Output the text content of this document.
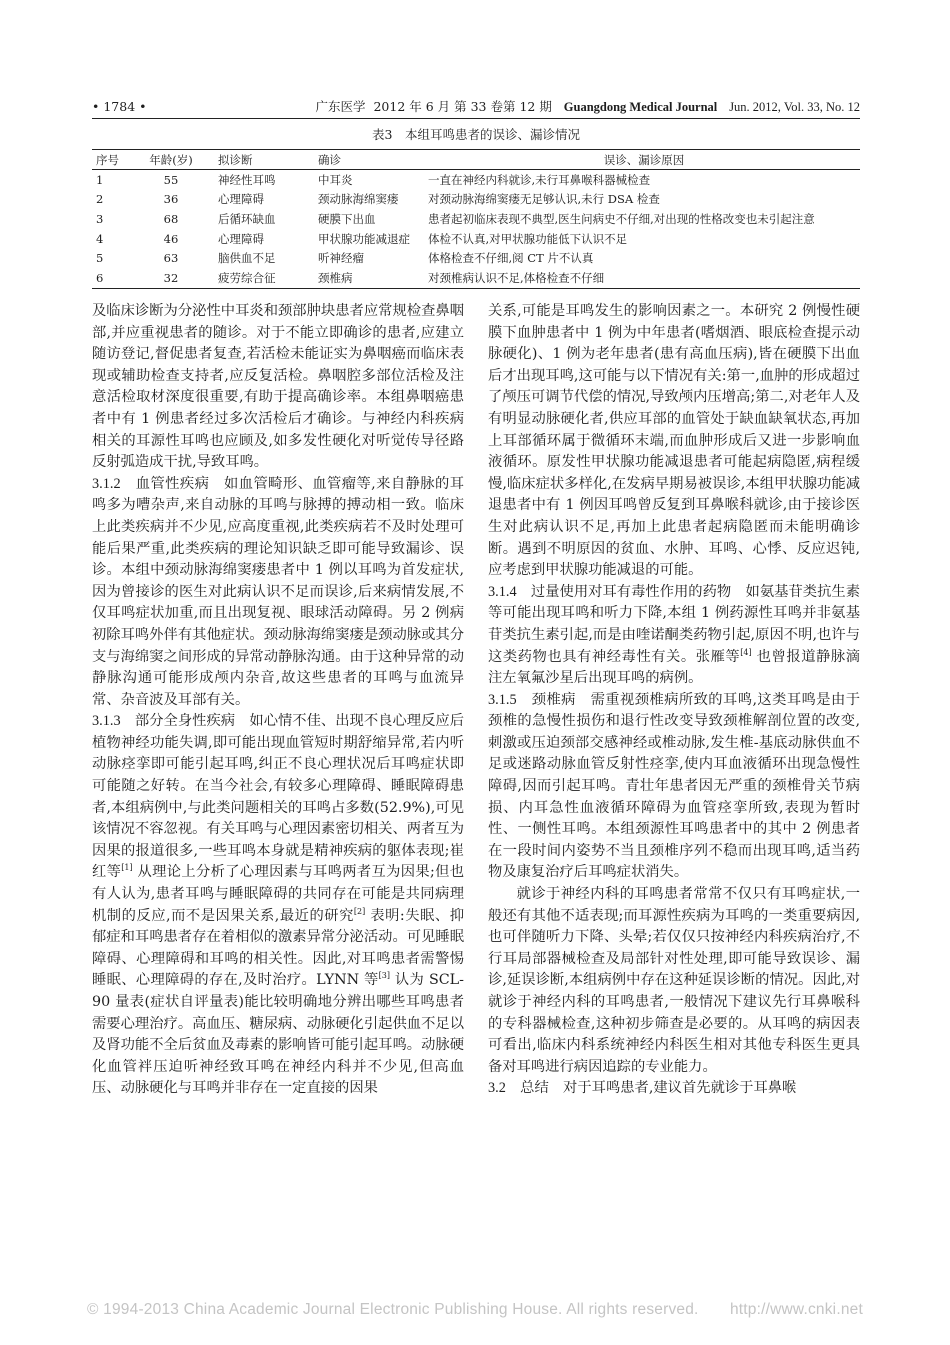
• 1784 •	广东医学 2012 年 6 月 第 33 卷第 12 期 Guangdong Medical Journal Jun. 2012, Vol. 33, No. 12
表3　本组耳鸣患者的误诊、漏诊情况
序号	年龄(岁)	拟诊断	确诊	误诊、漏诊原因
1	55	神经性耳鸣	中耳炎	一直在神经内科就诊,未行耳鼻喉科器械检查
2	36	心理障碍	颈动脉海绵窦瘘	对颈动脉海绵窦瘘无足够认识,未行 DSA 检查
3	68	后循环缺血	硬膜下出血	患者起初临床表现不典型,医生问病史不仔细,对出现的性格改变也未引起注意
4	46	心理障碍	甲状腺功能减退症	体检不认真,对甲状腺功能低下认识不足
5	63	脑供血不足	听神经瘤	体格检查不仔细,阅 CT 片不认真
6	32	疲劳综合征	颈椎病	对颈椎病认识不足,体格检查不仔细

及临床诊断为分泌性中耳炎和颈部肿块患者应常规检查鼻咽部,并应重视患者的随诊。对于不能立即确诊的患者,应建立随访登记,督促患者复查,若活检未能证实为鼻咽癌而临床表现或辅助检查支持者,应反复活检。鼻咽腔多部位活检及注意活检取材深度很重要,有助于提高确诊率。本组鼻咽癌患者中有 1 例患者经过多次活检后才确诊。与神经内科疾病相关的耳源性耳鸣也应顾及,如多发性硬化对听觉传导径路反射弧造成干扰,导致耳鸣。

3.1.2　血管性疾病　如血管畸形、血管瘤等,来自静脉的耳鸣多为嘈杂声,来自动脉的耳鸣与脉搏的搏动相一致。临床上此类疾病并不少见,应高度重视,此类疾病若不及时处理可能后果严重,此类疾病的理论知识缺乏即可能导致漏诊、误诊。本组中颈动脉海绵窦瘘患者中 1 例以耳鸣为首发症状,因为曾接诊的医生对此病认识不足而误诊,后来病情发展,不仅耳鸣症状加重,而且出现复视、眼球活动障碍。另 2 例病初除耳鸣外伴有其他症状。颈动脉海绵窦瘘是颈动脉或其分支与海绵窦之间形成的异常动静脉沟通。由于这种异常的动静脉沟通可能形成颅内杂音,故这些患者的耳鸣与血流异常、杂音波及耳部有关。

3.1.3　部分全身性疾病　如心情不佳、出现不良心理反应后植物神经功能失调,即可能出现血管短时期舒缩异常,若内听动脉痉挛即可能引起耳鸣,纠正不良心理状况后耳鸣症状即可能随之好转。在当今社会,有较多心理障碍、睡眠障碍患者,本组病例中,与此类问题相关的耳鸣占多数(52.9%),可见该情况不容忽视。有关耳鸣与心理因素密切相关、两者互为因果的报道很多,一些耳鸣本身就是精神疾病的躯体表现;崔红等[1] 从理论上分析了心理因素与耳鸣两者互为因果;但也有人认为,患者耳鸣与睡眠障碍的共同存在可能是共同病理机制的反应,而不是因果关系,最近的研究[2] 表明:失眠、抑郁症和耳鸣患者存在着相似的激素异常分泌活动。可见睡眠障碍、心理障碍和耳鸣的相关性。因此,对耳鸣患者需警惕睡眠、心理障碍的存在,及时治疗。LYNN 等[3] 认为 SCL-90 量表(症状自评量表)能比较明确地分辨出哪些耳鸣患者需要心理治疗。高血压、糖尿病、动脉硬化引起供血不足以及肾功能不全后贫血及毒素的影响皆可能引起耳鸣。动脉硬化血管袢压迫听神经致耳鸣在神经内科并不少见,但高血压、动脉硬化与耳鸣并非存在一定直接的因果

关系,可能是耳鸣发生的影响因素之一。本研究 2 例慢性硬膜下血肿患者中 1 例为中年患者(嗜烟酒、眼底检查提示动脉硬化)、1 例为老年患者(患有高血压病),皆在硬膜下出血后才出现耳鸣,这可能与以下情况有关:第一,血肿的形成超过了颅压可调节代偿的情况,导致颅内压增高;第二,对老年人及有明显动脉硬化者,供应耳部的血管处于缺血缺氧状态,再加上耳部循环属于微循环末端,而血肿形成后又进一步影响血液循环。原发性甲状腺功能减退患者可能起病隐匿,病程缓慢,临床症状多样化,在发病早期易被误诊,本组甲状腺功能减退患者中有 1 例因耳鸣曾反复到耳鼻喉科就诊,由于接诊医生对此病认识不足,再加上此患者起病隐匿而未能明确诊断。遇到不明原因的贫血、水肿、耳鸣、心悸、反应迟钝,应考虑到甲状腺功能减退的可能。

3.1.4　过量使用对耳有毒性作用的药物　如氨基苷类抗生素等可能出现耳鸣和听力下降,本组 1 例药源性耳鸣并非氨基苷类抗生素引起,而是由喹诺酮类药物引起,原因不明,也许与这类药物也具有神经毒性有关。张雁等[4] 也曾报道静脉滴注左氧氟沙星后出现耳鸣的病例。

3.1.5　颈椎病　需重视颈椎病所致的耳鸣,这类耳鸣是由于颈椎的急慢性损伤和退行性改变导致颈椎解剖位置的改变,刺激或压迫颈部交感神经或椎动脉,发生椎-基底动脉供血不足或迷路动脉血管反射性痉挛,使内耳血液循环出现急慢性障碍,因而引起耳鸣。青壮年患者因无严重的颈椎骨关节病损、内耳急性血液循环障碍为血管痉挛所致,表现为暂时性、一侧性耳鸣。本组颈源性耳鸣患者中的其中 2 例患者在一段时间内姿势不当且颈椎序列不稳而出现耳鸣,适当药物及康复治疗后耳鸣症状消失。

就诊于神经内科的耳鸣患者常常不仅只有耳鸣症状,一般还有其他不适表现;而耳源性疾病为耳鸣的一类重要病因,也可伴随听力下降、头晕;若仅仅只按神经内科疾病治疗,不行耳局部器械检查及局部针对性处理,即可能导致误诊、漏诊,延误诊断,本组病例中存在这种延误诊断的情况。因此,对就诊于神经内科的耳鸣患者,一般情况下建议先行耳鼻喉科的专科器械检查,这种初步筛查是必要的。从耳鸣的病因表可看出,临床内科系统神经内科医生相对其他专科医生更具备对耳鸣进行病因追踪的专业能力。

3.2　总结　对于耳鸣患者,建议首先就诊于耳鼻喉

© 1994-2013 China Academic Journal Electronic Publishing House. All rights reserved.　　http://www.cnki.net
